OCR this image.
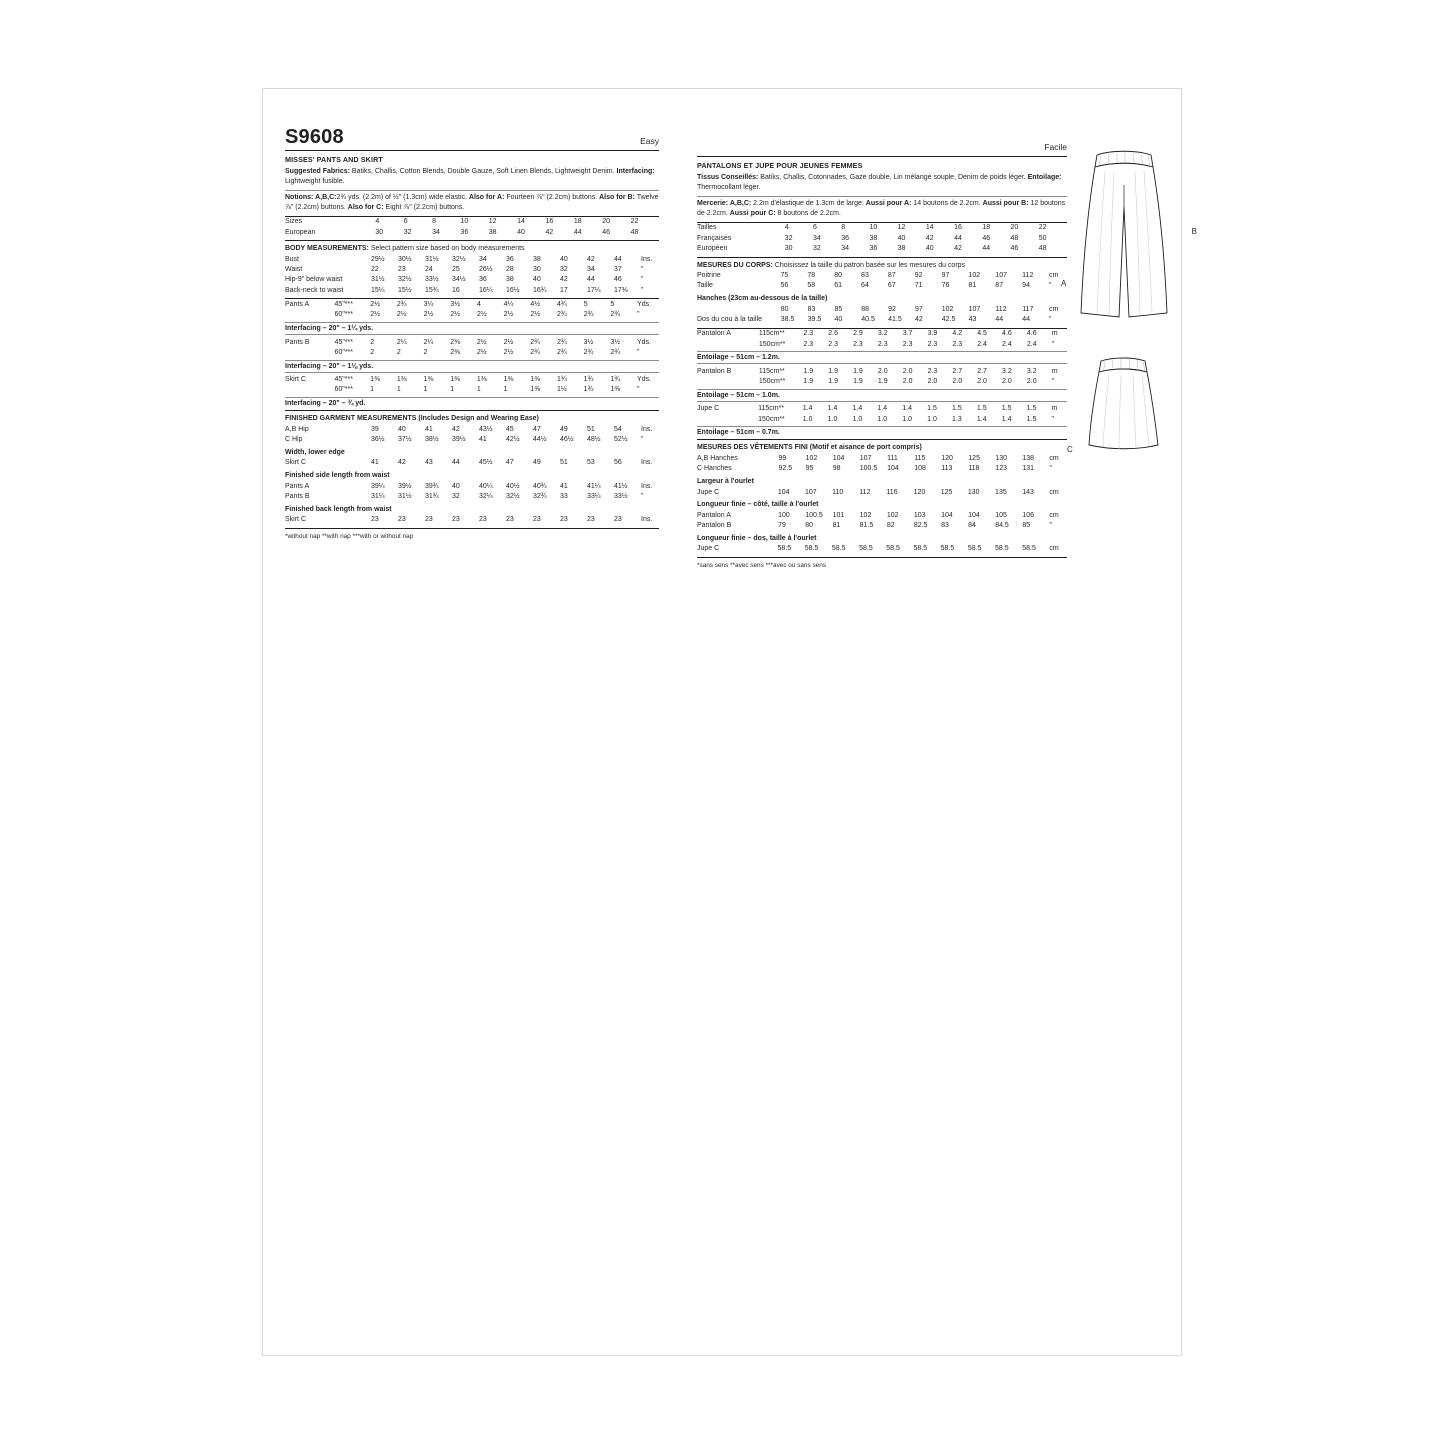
S9608	Easy
MISSES' PANTS AND SKIRT

Suggested Fabrics: Batiks, Challis, Cotton Blends, Double Gauze, Soft Linen Blends, Lightweight Denim. Interfacing: Lightweight fusible.

Notions: A,B,C:2¾ yds. (2.2m) of ½" (1.3cm) wide elastic. Also for A: Fourteen ⅞" (2.2cm) buttons. Also for B: Twelve ⅞" (2.2cm) buttons. Also for C: Eight ⅞" (2.2cm) buttons.

Sizes	4	6	8	10	12	14	16	18	20	22
European	30	32	34	36	38	40	42	44	46	48
BODY MEASUREMENTS: Select pattern size based on body measurements
Bust	29½	30½	31½	32½	34	36	38	40	42	44	Ins.
Waist	22	23	24	25	26½	28	30	32	34	37	"
Hip-9" below waist	31½	32½	33½	34½	36	38	40	42	44	46	"
Back-neck to waist	15¼	15½	15¾	16	16¼	16½	16¾	17	17¼	17⅜	"
Pants A	45"***	2½	2¾	3¼	3½	4	4¼	4½	4¾	5	5	Yds.
	60"***	2½	2½	2½	2½	2½	2½	2½	2¾	2¾	2¾	"
Interfacing – 20" – 1¼ yds.
Pants B	45"***	2	2¼	2¼	2⅜	2½	2½	2¾	2¾	3½	3½	Yds.
	60"***	2	2	2	2⅜	2½	2½	2¾	2¾	2¾	2¾	"
Interfacing – 20" – 1⅛ yds.
Skirt C	45"***	1⅜	1⅜	1⅜	1⅜	1⅜	1⅜	1⅜	1¾	1¾	1¾	Yds.
	60"***	1	1	1	1	1	1	1⅜	1½	1¾	1⅜	"
Interfacing – 20" – ¾ yd.
FINISHED GARMENT MEASUREMENTS (Includes Design and Wearing Ease)
A,B Hip	39	40	41	42	43½	45	47	49	51	54	Ins.
C Hip	36½	37½	38½	39½	41	42½	44½	46½	48½	52½	"
Width, lower edge
Skirt C	41	42	43	44	45½	47	49	51	53	56	Ins.
Finished side length from waist
Pants A	39¼	39½	39¾	40	40¼	40½	40¾	41	41¼	41½	Ins.
Pants B	31¼	31½	31¾	32	32¼	32½	32¾	33	33¼	33½	"
Finished back length from waist
Skirt C	23	23	23	23	23	23	23	23	23	23	Ins.
*without nap **with nap ***with or without nap
Facile
PANTALONS ET JUPE POUR JEUNES FEMMES

Tissus Conseillés: Batiks, Challis, Cotonnades, Gaze double, Lin mélangé souple, Denim de poids léger. Entoilage: Thermocollant léger.

Mercerie: A,B,C: 2.2m d'élastique de 1.3cm de large. Aussi pour A: 14 boutons de 2.2cm. Aussi pour B: 12 boutons de 2.2cm. Aussi pour C: 8 boutons de 2.2cm.

Tailles	4	6	8	10	12	14	16	18	20	22
Françaises	32	34	36	38	40	42	44	46	48	50
Européen	30	32	34	36	38	40	42	44	46	48
MESURES DU CORPS: Choisissez la taille du patron basée sur les mesures du corps
Poitrine	75	78	80	83	87	92	97	102	107	112	cm
Taille	56	58	61	64	67	71	76	81	87	94	"
Hanches (23cm au-dessous de la taille)
	80	83	85	88	92	97	102	107	112	117	cm
Dos du cou à la taille	38.5	39.5	40	40.5	41.5	42	42.5	43	44	44	"
Pantalon A	115cm**	2.3	2.6	2.9	3.2	3.7	3.9	4.2	4.5	4.6	4.6	m
	150cm**	2.3	2.3	2.3	2.3	2.3	2.3	2.3	2.4	2.4	2.4	"
Entoilage – 51cm – 1.2m.
Pantalon B	115cm**	1.9	1.9	1.9	2.0	2.0	2.3	2.7	2.7	3.2	3.2	m
	150cm**	1.9	1.9	1.9	1.9	2.0	2.0	2.0	2.0	2.0	2.0	"
Entoilage – 51cm – 1.0m.
Jupe C	115cm**	1.4	1.4	1.4	1.4	1.4	1.5	1.5	1.5	1.5	1.5	m
	150cm**	1.0	1.0	1.0	1.0	1.0	1.0	1.3	1.4	1.4	1.5	"
Entoilage – 51cm – 0.7m.
MESURES DES VÊTEMENTS FINI (Motif et aisance de port compris)
A,B Hanches	99	102	104	107	111	115	120	125	130	138	cm
C Hanches	92.5	95	98	100.5	104	108	113	118	123	131	"
Largeur à l'ourlet
Jupe C	104	107	110	112	116	120	125	130	135	143	cm
Longueur finie – côté, taille à l'ourlet
Pantalon A	100	100.5	101	102	102	103	104	104	105	106	cm
Pantalon B	79	80	81	81.5	82	82.5	83	84	84.5	85	"
Longueur finie – dos, taille à l'ourlet
Jupe C	58.5	58.5	58.5	58.5	58.5	58.5	58.5	58.5	58.5	58.5	cm
*sans sens **avec sens ***avec ou sans sens
B
A
C
